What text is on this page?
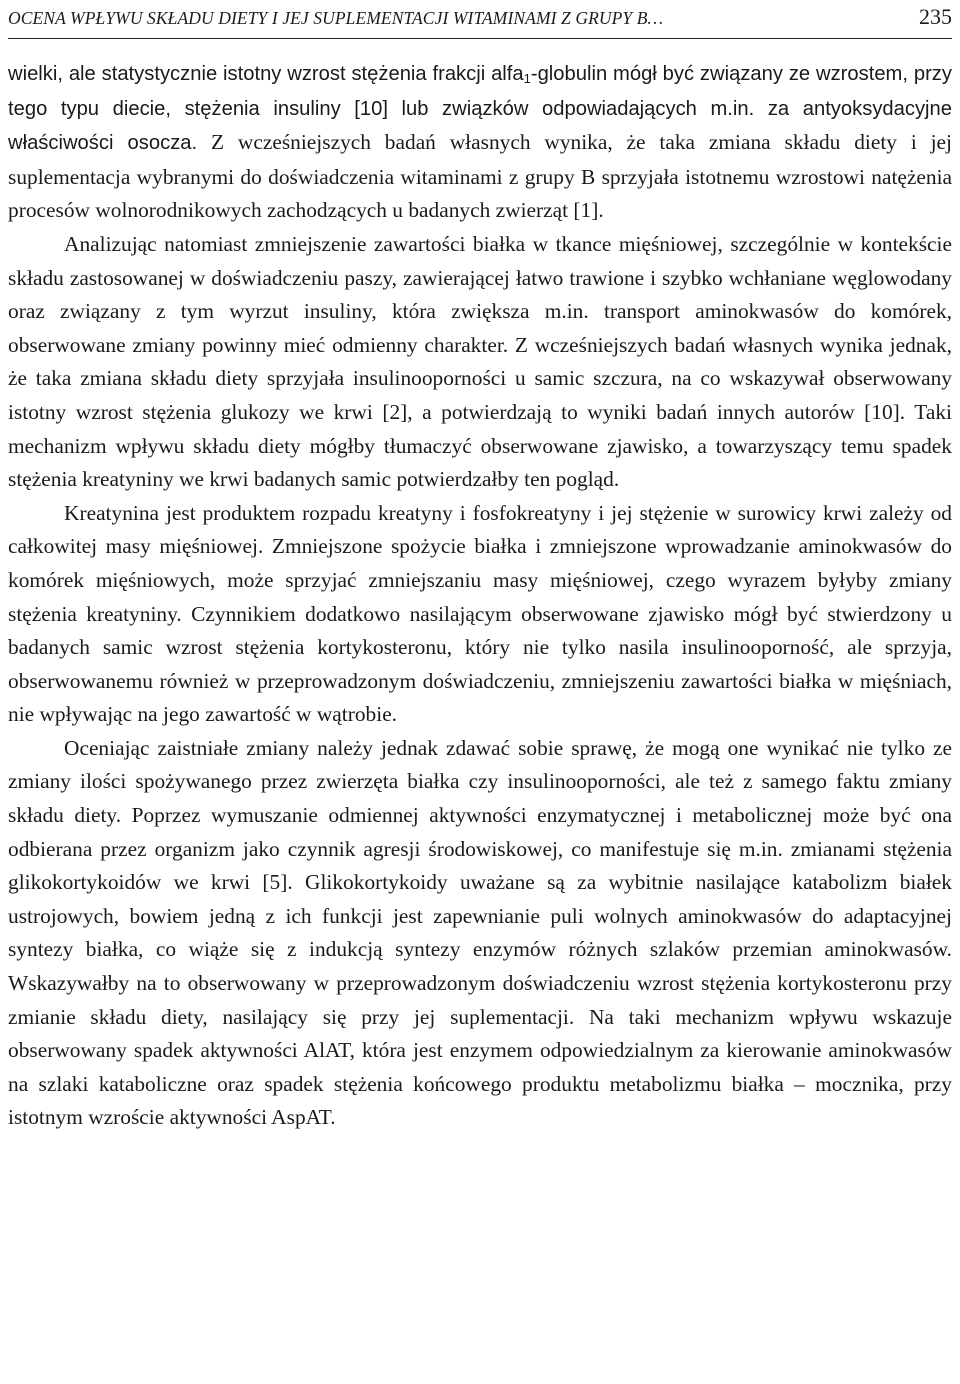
OCENA WPŁYWU SKŁADU DIETY I JEJ SUPLEMENTACJI WITAMINAMI Z GRUPY B…	235

wielki, ale statystycznie istotny wzrost stężenia frakcji alfa$_1$-globulin mógł być związany ze wzrostem, przy tego typu diecie, stężenia insuliny [10] lub związków odpowiadających m.in. za antyoksydacyjne właściwości osocza. Z wcześniejszych badań własnych wynika, że taka zmiana składu diety i jej suplementacja wybranymi do doświadczenia witaminami z grupy B sprzyjała istotnemu wzrostowi natężenia procesów wolnorodnikowych zachodzących u badanych zwierząt [1].

Analizując natomiast zmniejszenie zawartości białka w tkance mięśniowej, szczególnie w kontekście składu zastosowanej w doświadczeniu paszy, zawierającej łatwo trawione i szybko wchłaniane węglowodany oraz związany z tym wyrzut insuliny, która zwiększa m.in. transport aminokwasów do komórek, obserwowane zmiany powinny mieć odmienny charakter. Z wcześniejszych badań własnych wynika jednak, że taka zmiana składu diety sprzyjała insulinooporności u samic szczura, na co wskazywał obserwowany istotny wzrost stężenia glukozy we krwi [2], a potwierdzają to wyniki badań innych autorów [10]. Taki mechanizm wpływu składu diety mógłby tłumaczyć obserwowane zjawisko, a towarzyszący temu spadek stężenia kreatyniny we krwi badanych samic potwierdzałby ten pogląd.

Kreatynina jest produktem rozpadu kreatyny i fosfokreatyny i jej stężenie w surowicy krwi zależy od całkowitej masy mięśniowej. Zmniejszone spożycie białka i zmniejszone wprowadzanie aminokwasów do komórek mięśniowych, może sprzyjać zmniejszaniu masy mięśniowej, czego wyrazem byłyby zmiany stężenia kreatyniny. Czynnikiem dodatkowo nasilającym obserwowane zjawisko mógł być stwierdzony u badanych samic wzrost stężenia kortykosteronu, który nie tylko nasila insulinooporność, ale sprzyja, obserwowanemu również w przeprowadzonym doświadczeniu, zmniejszeniu zawartości białka w mięśniach, nie wpływając na jego zawartość w wątrobie.

Oceniając zaistniałe zmiany należy jednak zdawać sobie sprawę, że mogą one wynikać nie tylko ze zmiany ilości spożywanego przez zwierzęta białka czy insulinooporności, ale też z samego faktu zmiany składu diety. Poprzez wymuszanie odmiennej aktywności enzymatycznej i metabolicznej może być ona odbierana przez organizm jako czynnik agresji środowiskowej, co manifestuje się m.in. zmianami stężenia glikokortykoidów we krwi [5]. Glikokortykoidy uważane są za wybitnie nasilające katabolizm białek ustrojowych, bowiem jedną z ich funkcji jest zapewnianie puli wolnych aminokwasów do adaptacyjnej syntezy białka, co wiąże się z indukcją syntezy enzymów różnych szlaków przemian aminokwasów. Wskazywałby na to obserwowany w przeprowadzonym doświadczeniu wzrost stężenia kortykosteronu przy zmianie składu diety, nasilający się przy jej suplementacji. Na taki mechanizm wpływu wskazuje obserwowany spadek aktywności AlAT, która jest enzymem odpowiedzialnym za kierowanie aminokwasów na szlaki kataboliczne oraz spadek stężenia końcowego produktu metabolizmu białka – mocznika, przy istotnym wzroście aktywności AspAT.
